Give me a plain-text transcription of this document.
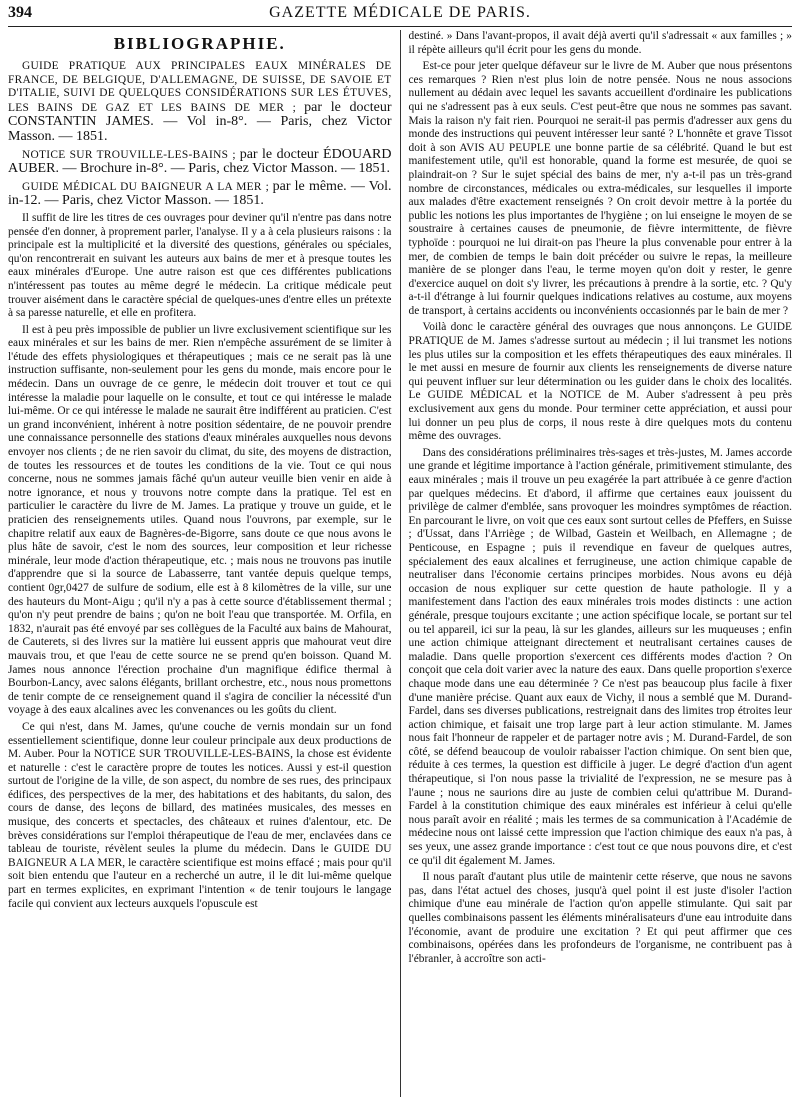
394	GAZETTE MÉDICALE DE PARIS.
BIBLIOGRAPHIE.

GUIDE PRATIQUE AUX PRINCIPALES EAUX MINÉRALES DE FRANCE, DE BELGIQUE, D'ALLEMAGNE, DE SUISSE, DE SAVOIE ET D'ITALIE, SUIVI DE QUELQUES CONSIDÉRATIONS SUR LES ÉTUVES, LES BAINS DE GAZ ET LES BAINS DE MER ; par le docteur CONSTANTIN JAMES. — Vol in-8°. — Paris, chez Victor Masson. — 1851.

NOTICE SUR TROUVILLE-LES-BAINS ; par le docteur ÉDOUARD AUBER. — Brochure in-8°. — Paris, chez Victor Masson. — 1851.

GUIDE MÉDICAL DU BAIGNEUR A LA MER ; par le même. — Vol. in-12. — Paris, chez Victor Masson. — 1851.

Il suffit de lire les titres de ces ouvrages pour deviner qu'il n'entre pas dans notre pensée d'en donner, à proprement parler, l'analyse. Il y a à cela plusieurs raisons : la principale est la multiplicité et la diversité des questions, générales ou spéciales, qu'on rencontrerait en suivant les auteurs aux bains de mer et à presque toutes les eaux minérales d'Europe. Une autre raison est que ces différentes publications n'intéressent pas toutes au même degré le médecin. La critique médicale peut trouver aisément dans le caractère spécial de quelques-unes d'entre elles un prétexte à sa paresse naturelle, et elle en profitera.

Il est à peu près impossible de publier un livre exclusivement scientifique sur les eaux minérales et sur les bains de mer. Rien n'empêche assurément de se limiter à l'étude des effets physiologiques et thérapeutiques ; mais ce ne serait pas là une instruction suffisante, non-seulement pour les gens du monde, mais encore pour le médecin. Dans un ouvrage de ce genre, le médecin doit trouver et tout ce qui intéresse la maladie pour laquelle on le consulte, et tout ce qui intéresse le malade lui-même. Or ce qui intéresse le malade ne saurait être indifférent au praticien. C'est un grand inconvénient, inhérent à notre position sédentaire, de ne pouvoir prendre une connaissance personnelle des stations d'eaux minérales auxquelles nous devons envoyer nos clients ; de ne rien savoir du climat, du site, des moyens de distraction, de toutes les ressources et de toutes les conditions de la vie. Tout ce qui nous concerne, nous ne sommes jamais fâché qu'un auteur veuille bien venir en aide à notre ignorance, et nous y trouvons notre compte dans la pratique. Tel est en particulier le caractère du livre de M. James. La pratique y trouve un guide, et le praticien des renseignements utiles. Quand nous l'ouvrons, par exemple, sur le chapitre relatif aux eaux de Bagnères-de-Bigorre, sans doute ce que nous avons le plus hâte de savoir, c'est le nom des sources, leur composition et leur richesse minérale, leur mode d'action thérapeutique, etc. ; mais nous ne trouvons pas inutile d'apprendre que si la source de Labasserre, tant vantée depuis quelque temps, contient 0gr,0427 de sulfure de sodium, elle est à 8 kilomètres de la ville, sur une des hauteurs du Mont-Aigu ; qu'il n'y a pas à cette source d'établissement thermal ; qu'on n'y peut prendre de bains ; qu'on ne boit l'eau que transportée. M. Orfila, en 1832, n'aurait pas été envoyé par ses collègues de la Faculté aux bains de Mahourat, de Cauterets, si des livres sur la matière lui eussent appris que mahourat veut dire mauvais trou, et que l'eau de cette source ne se prend qu'en boisson. Quand M. James nous annonce l'érection prochaine d'un magnifique édifice thermal à Bourbon-Lancy, avec salons élégants, brillant orchestre, etc., nous nous promettons de tenir compte de ce renseignement quand il s'agira de concilier la nécessité d'un voyage à des eaux alcalines avec les convenances ou les goûts du client.

Ce qui n'est, dans M. James, qu'une couche de vernis mondain sur un fond essentiellement scientifique, donne leur couleur principale aux deux productions de M. Auber. Pour la NOTICE SUR TROUVILLE-LES-BAINS, la chose est évidente et naturelle : c'est le caractère propre de toutes les notices. Aussi y est-il question surtout de l'origine de la ville, de son aspect, du nombre de ses rues, des principaux édifices, des perspectives de la mer, des habitations et des habitants, du salon, des cours de danse, des leçons de billard, des matinées musicales, des messes en musique, des concerts et spectacles, des châteaux et ruines d'alentour, etc. De brèves considérations sur l'emploi thérapeutique de l'eau de mer, enclavées dans ce tableau de touriste, révèlent seules la plume du médecin. Dans le GUIDE DU BAIGNEUR A LA MER, le caractère scientifique est moins effacé ; mais pour qu'il soit bien entendu que l'auteur en a recherché un autre, il le dit lui-même quelque part en termes explicites, en exprimant l'intention « de tenir toujours le langage facile qui convient aux lecteurs auxquels l'opuscule est

destiné. » Dans l'avant-propos, il avait déjà averti qu'il s'adressait « aux familles ; » il répète ailleurs qu'il écrit pour les gens du monde.

Est-ce pour jeter quelque défaveur sur le livre de M. Auber que nous présentons ces remarques ? Rien n'est plus loin de notre pensée. Nous ne nous associons nullement au dédain avec lequel les savants accueillent d'ordinaire les publications qui ne s'adressent pas à eux seuls. C'est peut-être que nous ne sommes pas savant. Mais la raison n'y fait rien. Pourquoi ne serait-il pas permis d'adresser aux gens du monde des instructions qui peuvent intéresser leur santé ? L'honnête et grave Tissot doit à son AVIS AU PEUPLE une bonne partie de sa célébrité. Quand le but est manifestement utile, qu'il est honorable, quand la forme est mesurée, de quoi se plaindrait-on ? Sur le sujet spécial des bains de mer, n'y a-t-il pas un très-grand nombre de circonstances, médicales ou extra-médicales, sur lesquelles il importe aux malades d'être exactement renseignés ? On croit devoir mettre à la portée du public les notions les plus importantes de l'hygiène ; on lui enseigne le moyen de se soustraire à certaines causes de pneumonie, de fièvre intermittente, de fièvre typhoïde : pourquoi ne lui dirait-on pas l'heure la plus convenable pour entrer à la mer, de combien de temps le bain doit précéder ou suivre le repas, la meilleure manière de se plonger dans l'eau, le terme moyen qu'on doit y rester, le genre d'exercice auquel on doit s'y livrer, les précautions à prendre à la sortie, etc. ? Qu'y a-t-il d'étrange à lui fournir quelques indications relatives au costume, aux moyens de transport, à certains accidents ou inconvénients occasionnés par le bain de mer ?

Voilà donc le caractère général des ouvrages que nous annonçons. Le GUIDE PRATIQUE de M. James s'adresse surtout au médecin ; il lui transmet les notions les plus utiles sur la composition et les effets thérapeutiques des eaux minérales. Il le met aussi en mesure de fournir aux clients les renseignements de diverse nature qui peuvent influer sur leur détermination ou les guider dans le choix des localités. Le GUIDE MÉDICAL et la NOTICE de M. Auber s'adressent à peu près exclusivement aux gens du monde. Pour terminer cette appréciation, et aussi pour lui donner un peu plus de corps, il nous reste à dire quelques mots du contenu même des ouvrages.

Dans des considérations préliminaires très-sages et très-justes, M. James accorde une grande et légitime importance à l'action générale, primitivement stimulante, des eaux minérales ; mais il trouve un peu exagérée la part attribuée à ce genre d'action par quelques médecins. Et d'abord, il affirme que certaines eaux jouissent du privilège de calmer d'emblée, sans provoquer les moindres symptômes de réaction. En parcourant le livre, on voit que ces eaux sont surtout celles de Pfeffers, en Suisse ; d'Ussat, dans l'Arriège ; de Wilbad, Gastein et Weilbach, en Allemagne ; de Penticouse, en Espagne ; puis il revendique en faveur de quelques autres, spécialement des eaux alcalines et ferrugineuse, une action chimique capable de neutraliser dans l'économie certains principes morbides. Nous avons eu déjà occasion de nous expliquer sur cette question de haute pathologie. Il y a manifestement dans l'action des eaux minérales trois modes distincts : une action générale, presque toujours excitante ; une action spécifique locale, se portant sur tel ou tel appareil, ici sur la peau, là sur les glandes, ailleurs sur les muqueuses ; enfin une action chimique atteignant directement et neutralisant certaines causes de maladie. Dans quelle proportion s'exercent ces différents modes d'action ? On conçoit que cela doit varier avec la nature des eaux. Dans quelle proportion s'exerce chaque mode dans une eau déterminée ? Ce n'est pas beaucoup plus facile à fixer d'une manière précise. Quant aux eaux de Vichy, il nous a semblé que M. Durand-Fardel, dans ses diverses publications, restreignait dans des limites trop étroites leur action chimique, et faisait une trop large part à leur action stimulante. M. James nous fait l'honneur de rappeler et de partager notre avis ; M. Durand-Fardel, de son côté, se défend beaucoup de vouloir rabaisser l'action chimique. On sent bien que, réduite à ces termes, la question est difficile à juger. Le degré d'action d'un agent thérapeutique, si l'on nous passe la trivialité de l'expression, ne se mesure pas à l'aune ; nous ne saurions dire au juste de combien celui qu'attribue M. Durand-Fardel à la constitution chimique des eaux minérales est inférieur à celui qu'elle nous paraît avoir en réalité ; mais les termes de sa communication à l'Académie de médecine nous ont laissé cette impression que l'action chimique des eaux n'a pas, à ses yeux, une assez grande importance : c'est tout ce que nous pouvons dire, et c'est ce qu'il dit également M. James.

Il nous paraît d'autant plus utile de maintenir cette réserve, que nous ne savons pas, dans l'état actuel des choses, jusqu'à quel point il est juste d'isoler l'action chimique d'une eau minérale de l'action qu'on appelle stimulante. Qui sait par quelles combinaisons passent les éléments minéralisateurs d'une eau introduite dans l'économie, avant de produire une excitation ? Et qui peut affirmer que ces combinaisons, opérées dans les profondeurs de l'organisme, ne contribuent pas à l'ébranler, à accroître son acti-
